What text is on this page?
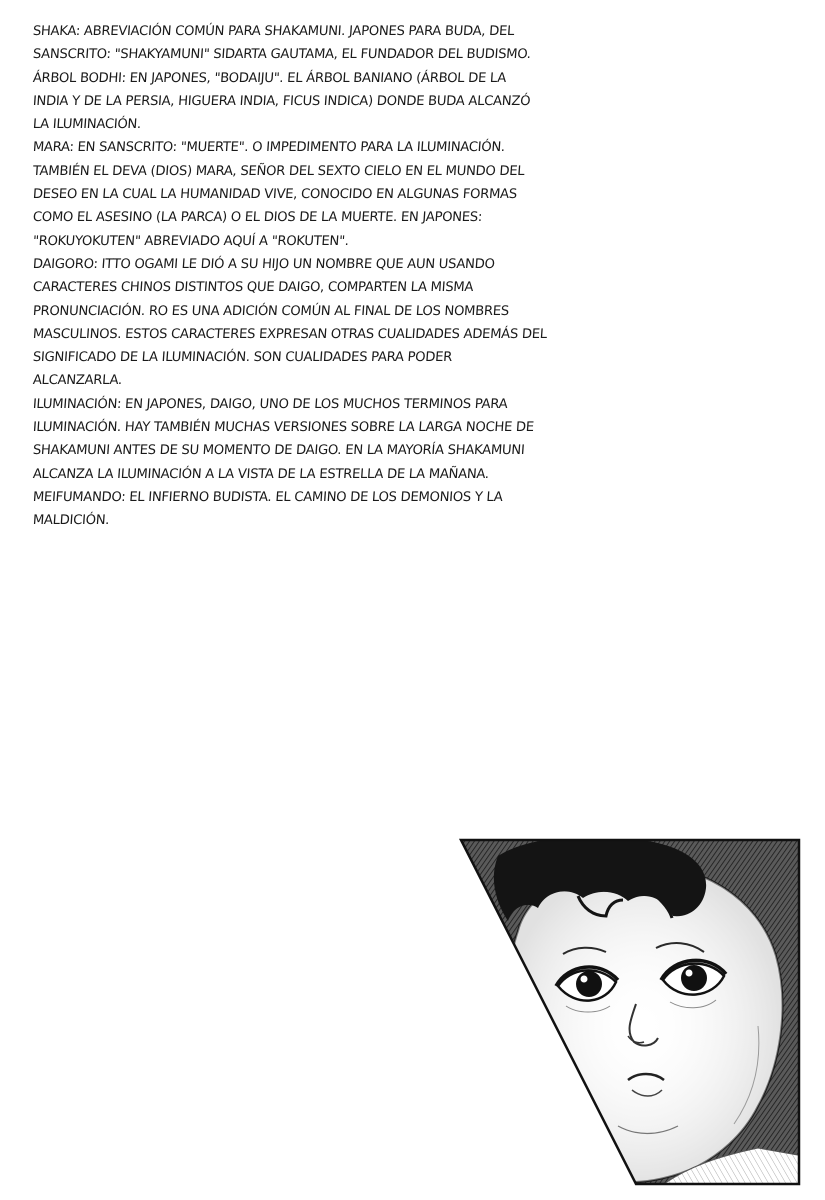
SHAKA: ABREVIACIÓN COMÚN PARA SHAKAMUNI. JAPONES PARA BUDA, DEL
SANSCRITO: "SHAKYAMUNI" SIDARTA GAUTAMA, EL FUNDADOR DEL BUDISMO.
ÁRBOL BODHI: EN JAPONES, "BODAIJU". EL ÁRBOL BANIANO (ÁRBOL DE LA
INDIA Y DE LA PERSIA, HIGUERA INDIA, FICUS INDICA) DONDE BUDA ALCANZÓ
LA ILUMINACIÓN.
MARA: EN SANSCRITO: "MUERTE". O IMPEDIMENTO PARA LA ILUMINACIÓN.
TAMBIÉN EL DEVA (DIOS) MARA, SEÑOR DEL SEXTO CIELO EN EL MUNDO DEL
DESEO EN LA CUAL LA HUMANIDAD VIVE, CONOCIDO EN ALGUNAS FORMAS
COMO EL ASESINO (LA PARCA) O EL DIOS DE LA MUERTE. EN JAPONES:
"ROKUYOKUTEN" ABREVIADO AQUÍ A "ROKUTEN".
DAIGORO: ITTO OGAMI LE DIÓ A SU HIJO UN NOMBRE QUE AUN USANDO
CARACTERES CHINOS DISTINTOS QUE DAIGO, COMPARTEN LA MISMA
PRONUNCIACIÓN. RO ES UNA ADICIÓN COMÚN AL FINAL DE LOS NOMBRES
MASCULINOS. ESTOS CARACTERES EXPRESAN OTRAS CUALIDADES ADEMÁS DEL
SIGNIFICADO DE LA ILUMINACIÓN. SON CUALIDADES PARA PODER
ALCANZARLA.
ILUMINACIÓN: EN JAPONES, DAIGO, UNO DE LOS MUCHOS TERMINOS PARA
ILUMINACIÓN. HAY TAMBIÉN MUCHAS VERSIONES SOBRE LA LARGA NOCHE DE
SHAKAMUNI ANTES DE SU MOMENTO DE DAIGO. EN LA MAYORÍA SHAKAMUNI
ALCANZA LA ILUMINACIÓN A LA VISTA DE LA ESTRELLA DE LA MAÑANA.
MEIFUMANDO: EL INFIERNO BUDISTA. EL CAMINO DE LOS DEMONIOS Y LA
MALDICIÓN.
